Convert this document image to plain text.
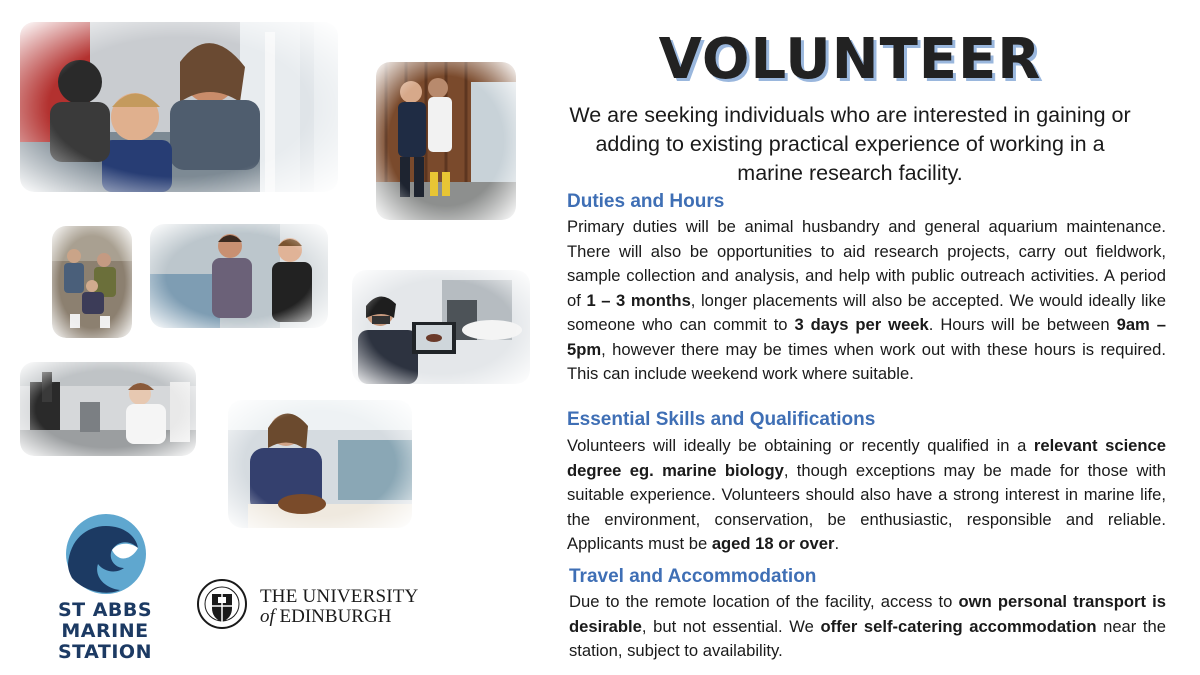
ST ABBS
MARINE
STATION
THE UNIVERSITY
of EDINBURGH
VOLUNTEER
We are seeking individuals who are interested in gaining or adding to existing practical experience of working in a marine research facility.
Duties and Hours
Primary duties will be animal husbandry and general aquarium maintenance. There will also be opportunities to aid research projects, carry out fieldwork, sample collection and analysis, and help with public outreach activities. A period of 1 – 3 months, longer placements will also be accepted. We would ideally like someone who can commit to 3 days per week. Hours will be between 9am – 5pm, however there may be times when work out with these hours is required. This can include weekend work where suitable.
Essential Skills and Qualifications
Volunteers will ideally be obtaining or recently qualified in a relevant science degree eg. marine biology, though exceptions may be made for those with suitable experience. Volunteers should also have a strong interest in marine life, the environment, conservation, be enthusiastic, responsible and reliable. Applicants must be aged 18 or over.
Travel and Accommodation
Due to the remote location of the facility, access to own personal transport is desirable, but not essential. We offer self-catering accommodation near the station, subject to availability.
